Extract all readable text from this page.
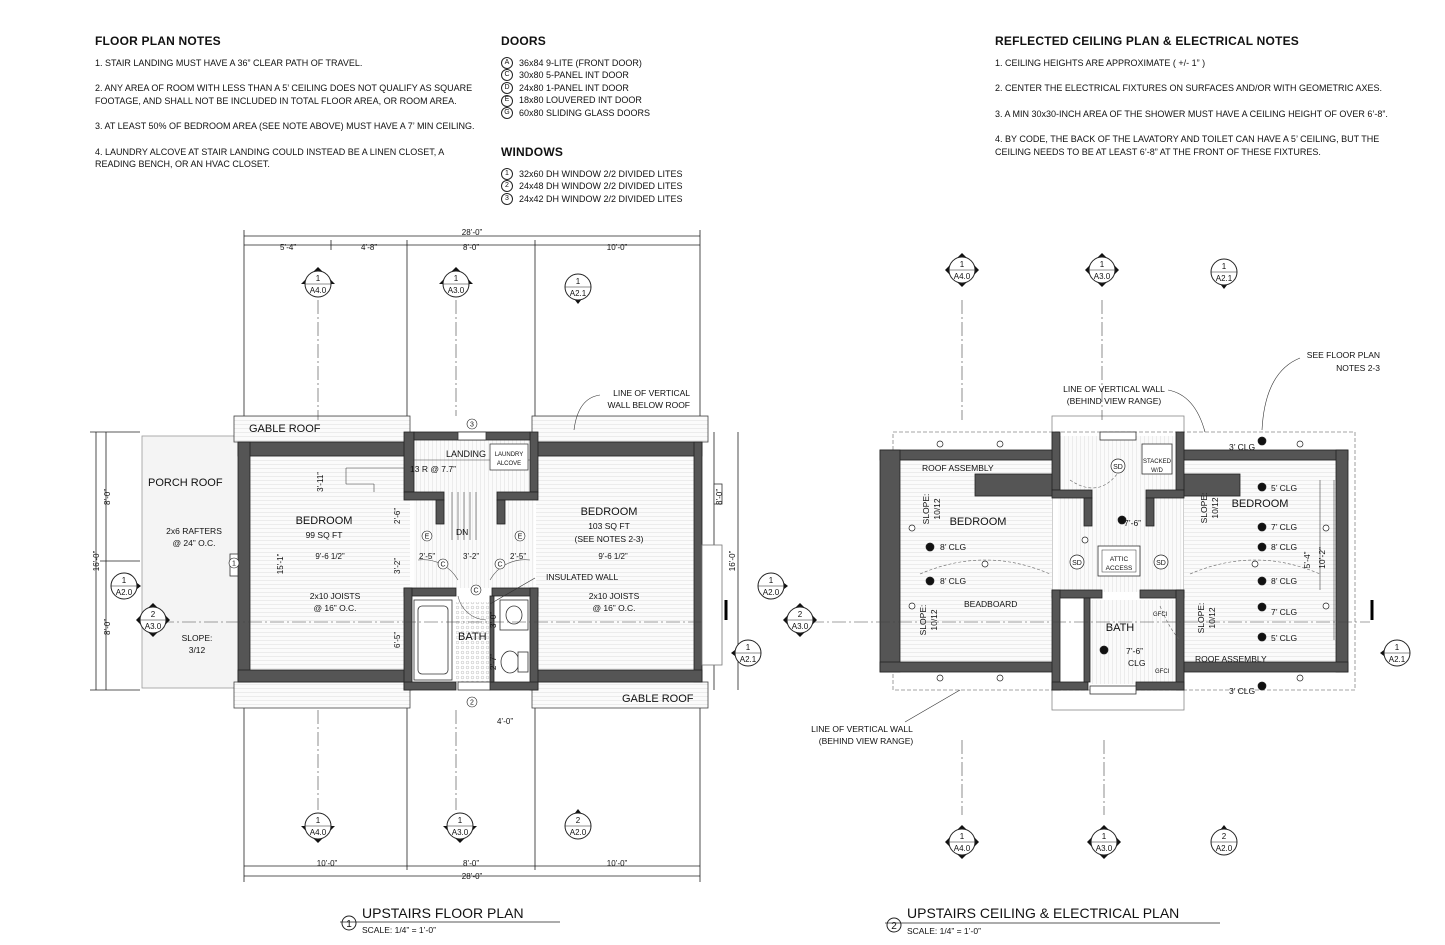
FLOOR PLAN NOTES

1. STAIR LANDING MUST HAVE A 36” CLEAR PATH OF TRAVEL.

2. ANY AREA OF ROOM WITH LESS THAN A 5’ CEILING DOES NOT QUALIFY AS SQUARE FOOTAGE, AND SHALL NOT BE INCLUDED IN TOTAL FLOOR AREA, OR ROOM AREA.

3. AT LEAST 50% OF BEDROOM AREA (SEE NOTE ABOVE) MUST HAVE A 7’ MIN CEILING.

4. LAUNDRY ALCOVE AT STAIR LANDING COULD INSTEAD BE A LINEN CLOSET, A READING BENCH, OR AN HVAC CLOSET.

DOORS
A	36x84 9-LITE (FRONT DOOR)
C	30x80 5-PANEL INT DOOR
D	24x80 1-PANEL INT DOOR
E	18x80 LOUVERED INT DOOR
G	60x80 SLIDING GLASS DOORS
WINDOWS
1	32x60 DH WINDOW 2/2 DIVIDED LITES
2	24x48 DH WINDOW 2/2 DIVIDED LITES
3	24x42 DH WINDOW 2/2 DIVIDED LITES
REFLECTED CEILING PLAN & ELECTRICAL NOTES

1. CEILING HEIGHTS ARE APPROXIMATE ( +/- 1” )

2. CENTER THE ELECTRICAL FIXTURES ON SURFACES AND/OR WITH GEOMETRIC AXES.

3. A MIN 30x30-INCH AREA OF THE SHOWER MUST HAVE A CEILING HEIGHT OF OVER 6’-8”.

4. BY CODE, THE BACK OF THE LAVATORY AND TOILET CAN HAVE A 5’ CEILING, BUT THE CEILING NEEDS TO BE AT LEAST 6’-8” AT THE FRONT OF THESE FIXTURES.

28’-0”
5’-4”	4’-8”	8’-0”	10’-0”
10’-0”	8’-0”	10’-0”
28’-0”
8’-0”
16’-0”
8’-0”
8’-0”
16’-0”
GABLE ROOF
GABLE ROOF
PORCH ROOF
2x6 RAFTERS
@ 24” O.C.
SLOPE:
3/12
LANDING LAUNDRY
ALCOVE
13 R @ 7.7”
DN
BEDROOM
99 SQ FT
BEDROOM
103 SQ FT
(SEE NOTES 2-3)
BATH
2x10 JOISTS
@ 16” O.C.
2x10 JOISTS
@ 16” O.C.
INSULATED WALL
LINE OF VERTICAL
WALL BELOW ROOF
9’-6 1/2”	2’-5”	3’-2”	2’-5”	9’-6 1/2”
15’-1”
3’-11”
2’-6”
3’-2”
6’-5”
3’-0”
2’-7”
4’-0”
E	E
C	C
C
3
1
2
1
A4.0
1
A3.0
1
A2.1
1
A4.0
1
A3.0
2
A2.0
1
A2.0
2
A3.0
1
A2.1
1
UPSTAIRS FLOOR PLAN
SCALE: 1/4” = 1’-0”
ROOF ASSEMBLY
ROOF ASSEMBLY
BEDROOM
BEDROOM
BATH
BEADBOARD
ATTIC
ACCESS
STACKED
W/D
SEE FLOOR PLAN
NOTES 2-3
LINE OF VERTICAL WALL
(BEHIND VIEW RANGE)
LINE OF VERTICAL WALL
(BEHIND VIEW RANGE)
3’ CLG
5’ CLG
7’ CLG
8’ CLG
8’ CLG
7’ CLG
5’ CLG
3’ CLG
8’ CLG
8’ CLG
7’-6”
7’-6”
CLG
SLOPE: 10/12
SLOPE: 10/12
SLOPE: 10/12
SLOPE: 10/12
SD
SD	SD
GFCI
GFCI
5’-4” 10’-2”
1
A4.0
1
A3.0
1
A2.1
1
A4.0
1
A3.0
2
A2.0
1
A2.0
2
A3.0
1
A2.1
2
UPSTAIRS CEILING & ELECTRICAL PLAN
SCALE: 1/4” = 1’-0”
